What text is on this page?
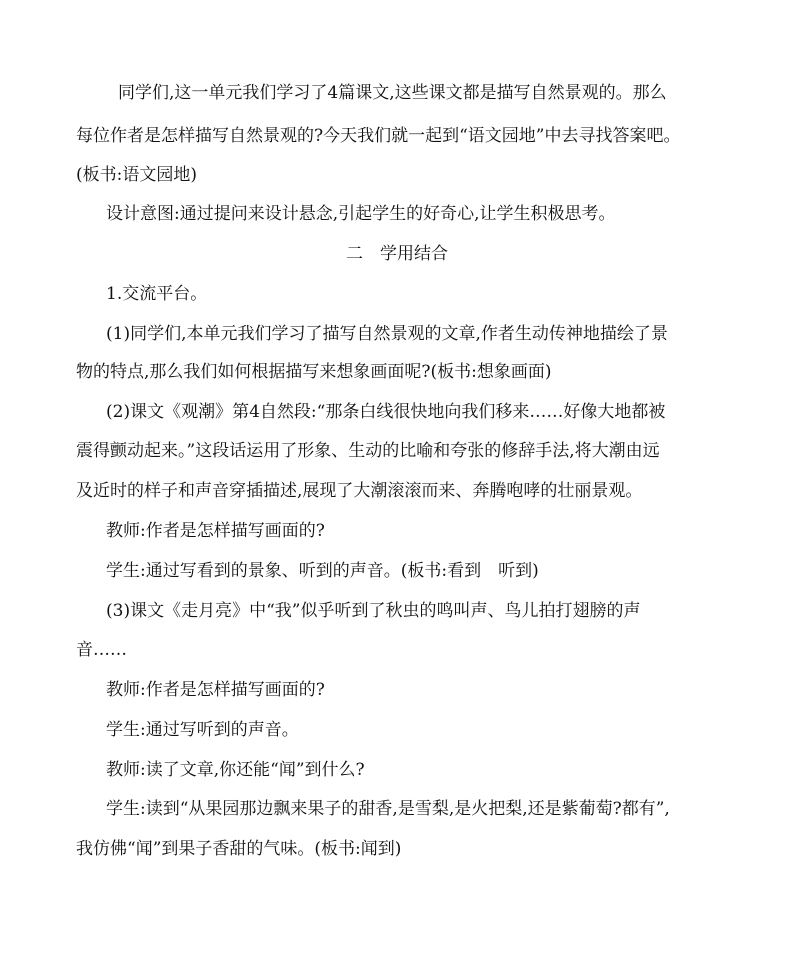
同学们,这一单元我们学习了4篇课文,这些课文都是描写自然景观的。那么
每位作者是怎样描写自然景观的?今天我们就一起到“语文园地”中去寻找答案吧。
(板书:语文园地)
设计意图:通过提问来设计悬念,引起学生的好奇心,让学生积极思考。
二　学用结合
1.交流平台。
(1)同学们,本单元我们学习了描写自然景观的文章,作者生动传神地描绘了景
物的特点,那么我们如何根据描写来想象画面呢?(板书:想象画面)
(2)课文《观潮》第4自然段:“那条白线很快地向我们移来……好像大地都被
震得颤动起来。”这段话运用了形象、生动的比喻和夸张的修辞手法,将大潮由远
及近时的样子和声音穿插描述,展现了大潮滚滚而来、奔腾咆哮的壮丽景观。
教师:作者是怎样描写画面的?
学生:通过写看到的景象、听到的声音。(板书:看到　听到)
(3)课文《走月亮》中“我”似乎听到了秋虫的鸣叫声、鸟儿拍打翅膀的声
音……
教师:作者是怎样描写画面的?
学生:通过写听到的声音。
教师:读了文章,你还能“闻”到什么?
学生:读到“从果园那边飘来果子的甜香,是雪梨,是火把梨,还是紫葡萄?都有”,
我仿佛“闻”到果子香甜的气味。(板书:闻到)
